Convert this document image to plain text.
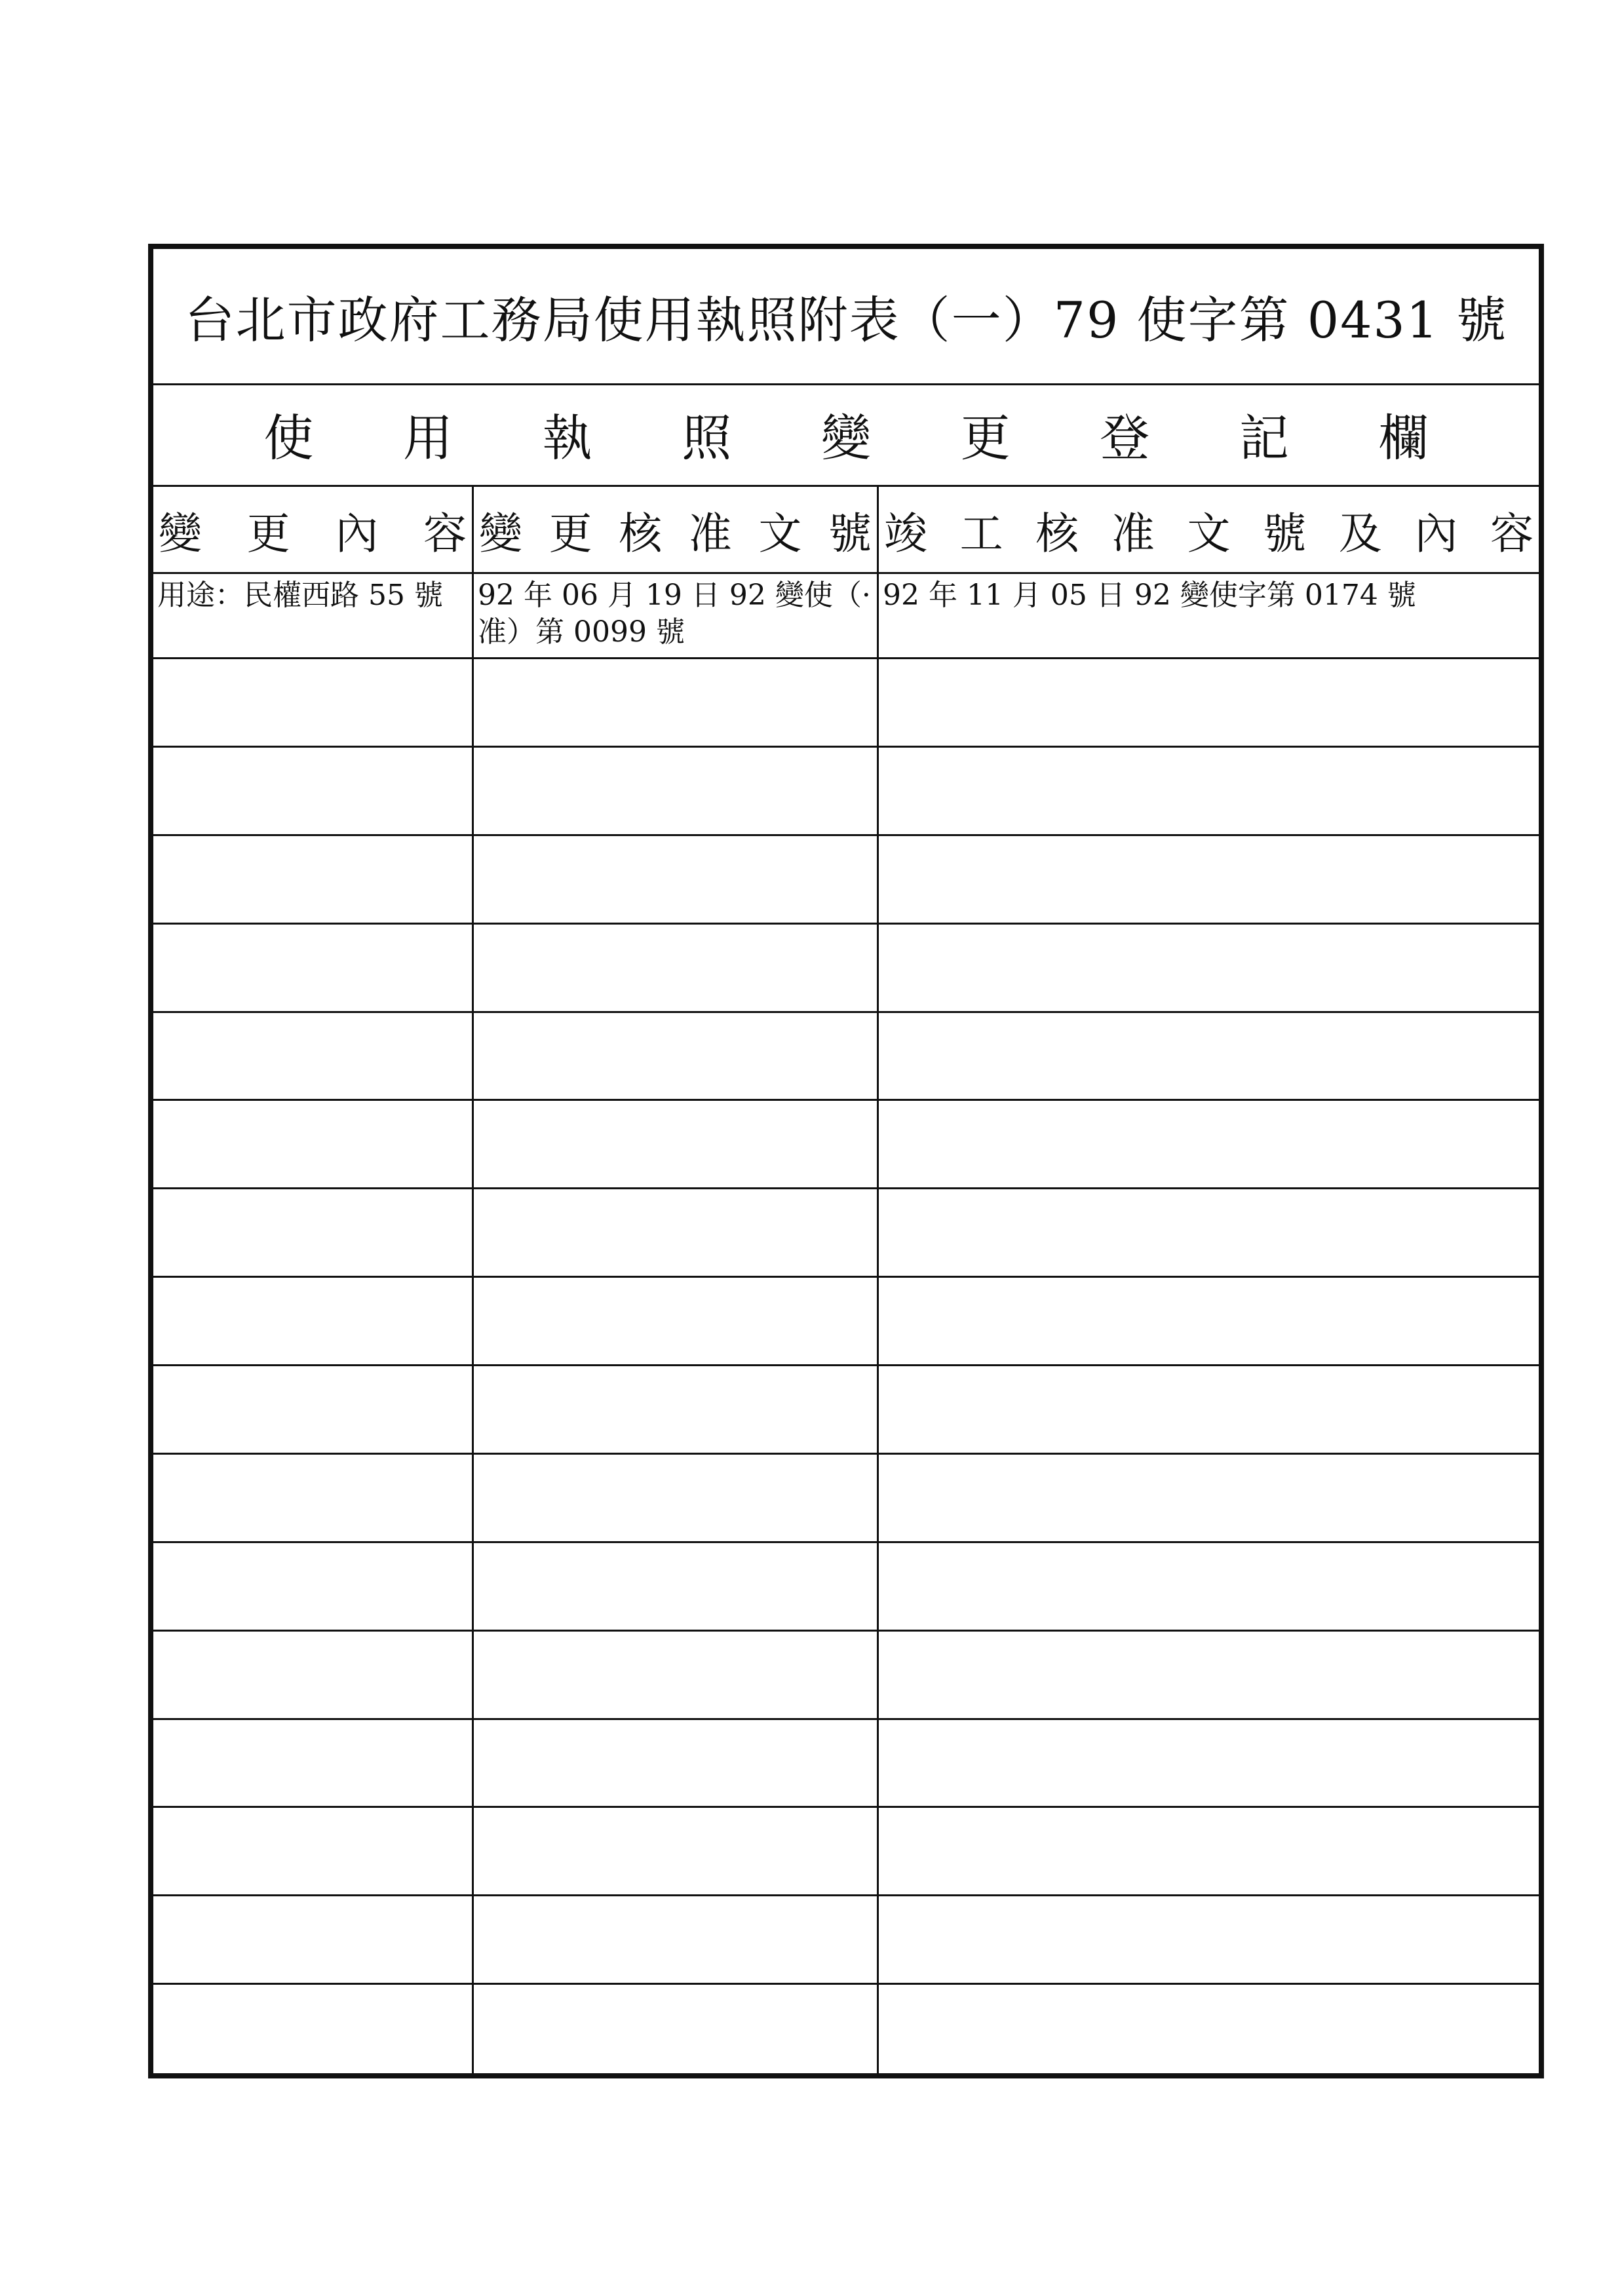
台北市政府工務局使用執照附表（一）79 使字第 0431 號
使 用 執 照 變 更 登 記 欄
變 更 內 容 變 更 核 准 文 號 竣 工 核 准 文 號 及 內 容
用途：民權西路 55 號	92 年 06 月 19 日 92 變使（·准）第 0099 號
92 年 11 月 05 日 92 變使字第 0174 號
